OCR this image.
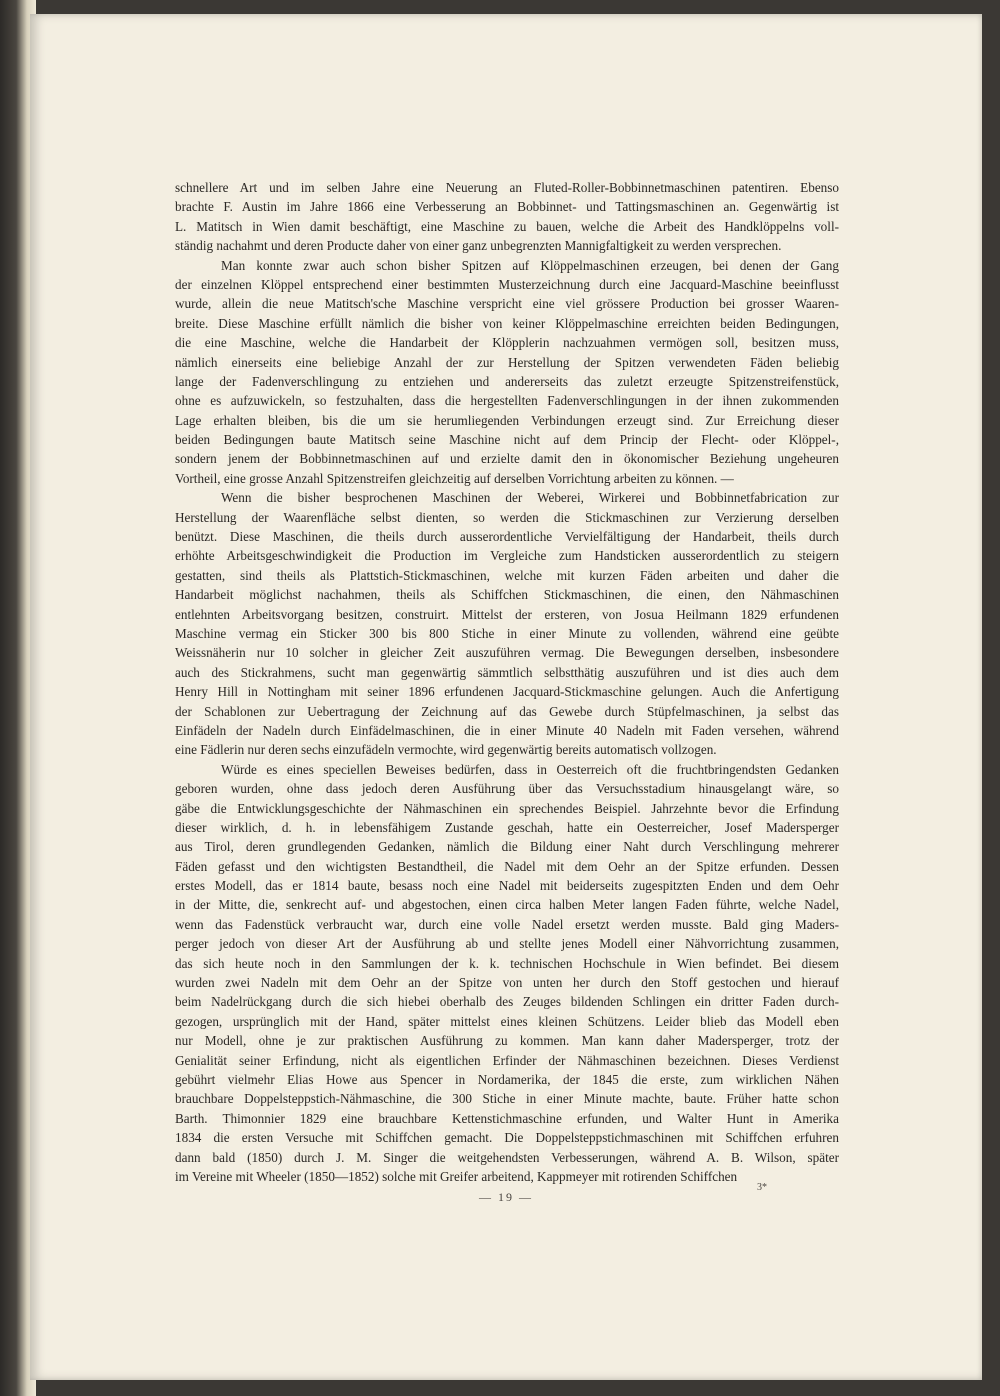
schnellere Art und im selben Jahre eine Neuerung an Fluted-Roller-Bobbinnetmaschinen patentiren. Ebenso
brachte F. Austin im Jahre 1866 eine Verbesserung an Bobbinnet- und Tattingsmaschinen an. Gegenwärtig ist
L. Matitsch in Wien damit beschäftigt, eine Maschine zu bauen, welche die Arbeit des Handklöppelns voll-
ständig nachahmt und deren Producte daher von einer ganz unbegrenzten Mannigfaltigkeit zu werden versprechen.
Man konnte zwar auch schon bisher Spitzen auf Klöppelmaschinen erzeugen, bei denen der Gang
der einzelnen Klöppel entsprechend einer bestimmten Musterzeichnung durch eine Jacquard-Maschine beeinflusst
wurde, allein die neue Matitsch'sche Maschine verspricht eine viel grössere Production bei grosser Waaren-
breite. Diese Maschine erfüllt nämlich die bisher von keiner Klöppelmaschine erreichten beiden Bedingungen,
die eine Maschine, welche die Handarbeit der Klöpplerin nachzuahmen vermögen soll, besitzen muss,
nämlich einerseits eine beliebige Anzahl der zur Herstellung der Spitzen verwendeten Fäden beliebig
lange der Fadenverschlingung zu entziehen und andererseits das zuletzt erzeugte Spitzenstreifenstück,
ohne es aufzuwickeln, so festzuhalten, dass die hergestellten Fadenverschlingungen in der ihnen zukommenden
Lage erhalten bleiben, bis die um sie herumliegenden Verbindungen erzeugt sind. Zur Erreichung dieser
beiden Bedingungen baute Matitsch seine Maschine nicht auf dem Princip der Flecht- oder Klöppel-,
sondern jenem der Bobbinnetmaschinen auf und erzielte damit den in ökonomischer Beziehung ungeheuren
Vortheil, eine grosse Anzahl Spitzenstreifen gleichzeitig auf derselben Vorrichtung arbeiten zu können. —
Wenn die bisher besprochenen Maschinen der Weberei, Wirkerei und Bobbinnetfabrication zur
Herstellung der Waarenfläche selbst dienten, so werden die Stickmaschinen zur Verzierung derselben
benützt. Diese Maschinen, die theils durch ausserordentliche Vervielfältigung der Handarbeit, theils durch
erhöhte Arbeitsgeschwindigkeit die Production im Vergleiche zum Handsticken ausserordentlich zu steigern
gestatten, sind theils als Plattstich-Stickmaschinen, welche mit kurzen Fäden arbeiten und daher die
Handarbeit möglichst nachahmen, theils als Schiffchen Stickmaschinen, die einen, den Nähmaschinen
entlehnten Arbeitsvorgang besitzen, construirt. Mittelst der ersteren, von Josua Heilmann 1829 erfundenen
Maschine vermag ein Sticker 300 bis 800 Stiche in einer Minute zu vollenden, während eine geübte
Weissnäherin nur 10 solcher in gleicher Zeit auszuführen vermag. Die Bewegungen derselben, insbesondere
auch des Stickrahmens, sucht man gegenwärtig sämmtlich selbstthätig auszuführen und ist dies auch dem
Henry Hill in Nottingham mit seiner 1896 erfundenen Jacquard-Stickmaschine gelungen. Auch die Anfertigung
der Schablonen zur Uebertragung der Zeichnung auf das Gewebe durch Stüpfelmaschinen, ja selbst das
Einfädeln der Nadeln durch Einfädelmaschinen, die in einer Minute 40 Nadeln mit Faden versehen, während
eine Fädlerin nur deren sechs einzufädeln vermochte, wird gegenwärtig bereits automatisch vollzogen.
Würde es eines speciellen Beweises bedürfen, dass in Oesterreich oft die fruchtbringendsten Gedanken
geboren wurden, ohne dass jedoch deren Ausführung über das Versuchsstadium hinausgelangt wäre, so
gäbe die Entwicklungsgeschichte der Nähmaschinen ein sprechendes Beispiel. Jahrzehnte bevor die Erfindung
dieser wirklich, d. h. in lebensfähigem Zustande geschah, hatte ein Oesterreicher, Josef Madersperger
aus Tirol, deren grundlegenden Gedanken, nämlich die Bildung einer Naht durch Verschlingung mehrerer
Fäden gefasst und den wichtigsten Bestandtheil, die Nadel mit dem Oehr an der Spitze erfunden. Dessen
erstes Modell, das er 1814 baute, besass noch eine Nadel mit beiderseits zugespitzten Enden und dem Oehr
in der Mitte, die, senkrecht auf- und abgestochen, einen circa halben Meter langen Faden führte, welche Nadel,
wenn das Fadenstück verbraucht war, durch eine volle Nadel ersetzt werden musste. Bald ging Maders-
perger jedoch von dieser Art der Ausführung ab und stellte jenes Modell einer Nähvorrichtung zusammen,
das sich heute noch in den Sammlungen der k. k. technischen Hochschule in Wien befindet. Bei diesem
wurden zwei Nadeln mit dem Oehr an der Spitze von unten her durch den Stoff gestochen und hierauf
beim Nadelrückgang durch die sich hiebei oberhalb des Zeuges bildenden Schlingen ein dritter Faden durch-
gezogen, ursprünglich mit der Hand, später mittelst eines kleinen Schützens. Leider blieb das Modell eben
nur Modell, ohne je zur praktischen Ausführung zu kommen. Man kann daher Madersperger, trotz der
Genialität seiner Erfindung, nicht als eigentlichen Erfinder der Nähmaschinen bezeichnen. Dieses Verdienst
gebührt vielmehr Elias Howe aus Spencer in Nordamerika, der 1845 die erste, zum wirklichen Nähen
brauchbare Doppelsteppstich-Nähmaschine, die 300 Stiche in einer Minute machte, baute. Früher hatte schon
Barth. Thimonnier 1829 eine brauchbare Kettenstichmaschine erfunden, und Walter Hunt in Amerika
1834 die ersten Versuche mit Schiffchen gemacht. Die Doppelsteppstichmaschinen mit Schiffchen erfuhren
dann bald (1850) durch J. M. Singer die weitgehendsten Verbesserungen, während A. B. Wilson, später
im Vereine mit Wheeler (1850—1852) solche mit Greifer arbeitend, Kappmeyer mit rotirenden Schiffchen
— 19 —
3*
